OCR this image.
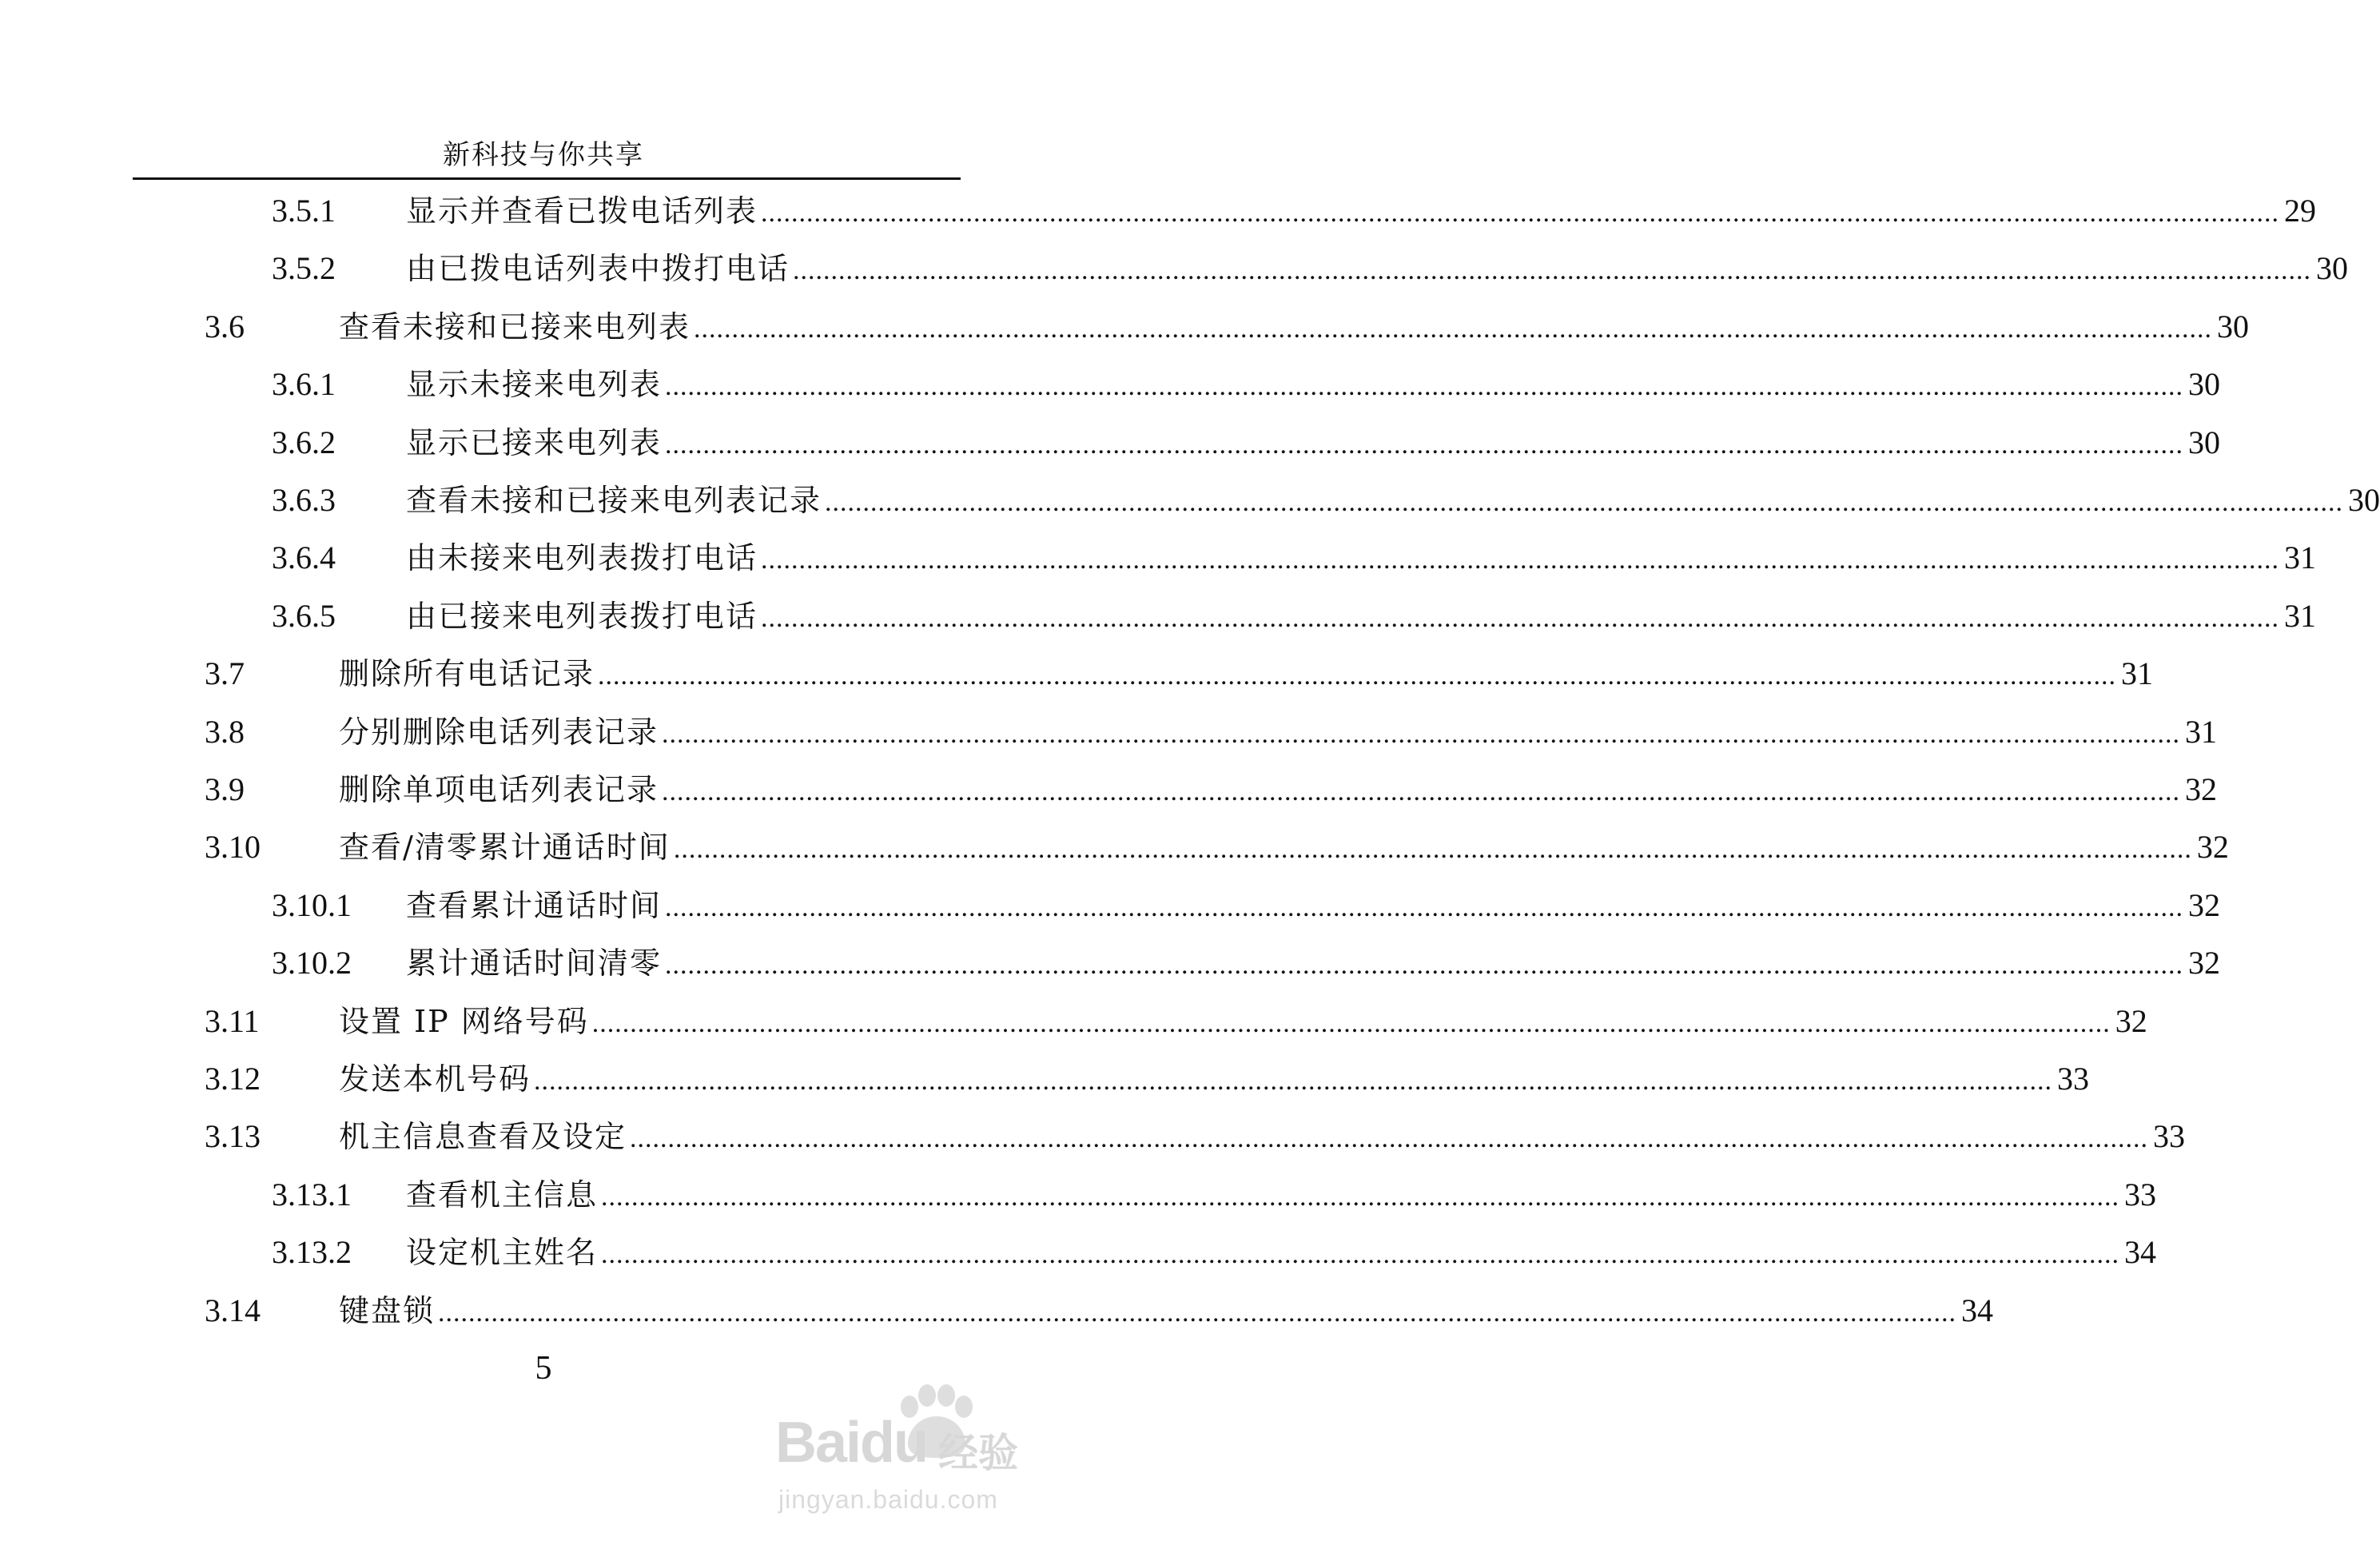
新科技与你共享
3.5.1 显示并查看已拨电话列表 ........................................................................................................................................................................................................ 29
3.5.2 由已拨电话列表中拨打电话 ........................................................................................................................................................................................................ 30
3.6	查看未接和已接来电列表 ........................................................................................................................................................................................................ 30
3.6.1 显示未接来电列表 ........................................................................................................................................................................................................ 30
3.6.2 显示已接来电列表 ........................................................................................................................................................................................................ 30
3.6.3 查看未接和已接来电列表记录 ........................................................................................................................................................................................................ 30
3.6.4 由未接来电列表拨打电话 ........................................................................................................................................................................................................ 31
3.6.5 由已接来电列表拨打电话 ........................................................................................................................................................................................................ 31
3.7	删除所有电话记录 ........................................................................................................................................................................................................ 31
3.8	分别删除电话列表记录 ........................................................................................................................................................................................................ 31
3.9	删除单项电话列表记录 ........................................................................................................................................................................................................ 32
3.10	查看/清零累计通话时间 ........................................................................................................................................................................................................ 32
3.10.1 查看累计通话时间 ........................................................................................................................................................................................................ 32
3.10.2 累计通话时间清零 ........................................................................................................................................................................................................ 32
3.11	设置 IP 网络号码 ........................................................................................................................................................................................................ 32
3.12	发送本机号码 ........................................................................................................................................................................................................ 33
3.13	机主信息查看及设定 ........................................................................................................................................................................................................ 33
3.13.1 查看机主信息 ........................................................................................................................................................................................................ 33
3.13.2 设定机主姓名 ........................................................................................................................................................................................................ 34
3.14	键盘锁 ........................................................................................................................................................................................................ 34
5
Baidu 经验
jingyan.baidu.com
